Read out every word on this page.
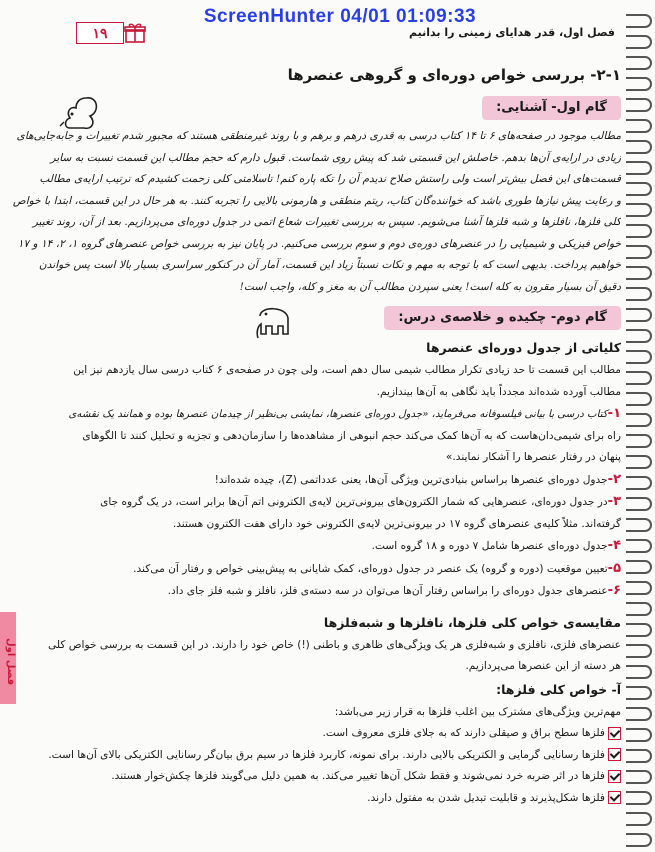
ScreenHunter 04/01 01:09:33
۱۹	فصل اول، قدر هدایای زمینی را بدانیم
فصل اول
۲-۱- بررسی خواص دوره‌ای و گروهی عنصرها
گام اول- آشنایی:
مطالب موجود در صفحه‌های ۶ تا ۱۴ کتاب درسی به قدری درهم و برهم و با روند غیرمنطقی هستند که مجبور شدم تغییرات و جابه‌جایی‌های
زیادی در ارایه‌ی آن‌ها بدهم. خاصلش این قسمتی شد که پیش روی شماست. قبول دارم که حجم مطالب این قسمت نسبت به سایر
قسمت‌های این فصل بیش‌تر است ولی راستش صلاح ندیدم آن را تکه پاره کنم! تاسلامتی کلی زحمت کشیدم که ترتیب ارایه‌ی مطالب
و رعایت پیش نیازها طوری باشد که خواننده‌گان کتاب، ریتم منطقی و هارمونی بالایی را تجربه کنند. به هر حال در این قسمت، ابتدا با خواص
کلی فلزها، نافلزها و شبه فلزها آشنا می‌شویم. سپس به بررسی تغییرات شعاع اتمی در جدول دوره‌ای می‌پردازیم. بعد از آن، روند تغییر
خواص فیزیکی و شیمیایی را در عنصرهای دوره‌ی دوم و سوم بررسی می‌کنیم. در پایان نیز به بررسی خواص عنصرهای گروه ۱، ۲، ۱۴ و ۱۷
خواهیم پرداخت. بدیهی است که با توجه به مهم و نکات نسبتاً زیاد این قسمت، آمار آن در کنکور سراسری بسیار بالا است پس خواندن
دقیق آن بسیار مقرون به کله است! یعنی سپردن مطالب آن به مغز و کله، واجب است!
گام دوم- چکیده و خلاصه‌ی درس:
کلیاتی از جدول دوره‌ای عنصرها
مطالب این قسمت تا حد زیادی تکرار مطالب شیمی سال دهم است، ولی چون در صفحه‌ی ۶ کتاب درسی سال یازدهم نیز این
مطالب آورده شده‌اند مجدداً باید نگاهی به آن‌ها بیندازیم.
۱-کتاب درسی با بیانی فیلسوفانه می‌فرماید، «جدول دوره‌ای عنصرها، نمایشی بی‌نظیر از چیدمان عنصرها بوده و همانند یک نقشه‌ی
راه برای شیمی‌دان‌هاست که به آن‌ها کمک می‌کند حجم انبوهی از مشاهده‌ها را سازمان‌دهی و تجزیه و تحلیل کنند تا الگوهای
پنهان در رفتار عنصرها را آشکار نمایند.»
۲-جدول دوره‌ای عنصرها براساس بنیادی‌ترین ویژگی آن‌ها، یعنی عدداتمی (Z)، چیده شده‌اند!
۳-در جدول دوره‌ای، عنصرهایی که شمار الکترون‌های بیرونی‌ترین لایه‌ی الکترونی اتم آن‌ها برابر است، در یک گروه جای
گرفته‌اند. مثلاً کلیه‌ی عنصرهای گروه ۱۷ در بیرونی‌ترین لایه‌ی الکترونی خود دارای هفت الکترون هستند.
۴-جدول دوره‌ای عنصرها شامل ۷ دوره و ۱۸ گروه است.
۵-تعیین موقعیت (دوره و گروه) یک عنصر در جدول دوره‌ای، کمک شایانی به پیش‌بینی خواص و رفتار آن می‌کند.
۶-عنصرهای جدول دوره‌ای را براساس رفتار آن‌ها می‌توان در سه دسته‌ی فلز، نافلز و شبه فلز جای داد.
مقایسه‌ی خواص کلی فلزها، نافلزها و شبه‌فلزها
عنصرهای فلزی، نافلزی و شبه‌فلزی هر یک ویژگی‌های ظاهری و باطنی (!) خاص خود را دارند. در این قسمت به بررسی خواص کلی
هر دسته از این عنصرها می‌پردازیم.
آ- خواص کلی فلزها:
مهم‌ترین ویژگی‌های مشترک بین اغلب فلزها به قرار زیر می‌باشد:
فلزها سطح براق و صیقلی دارند که به جلای فلزی معروف است.
فلزها رسانایی گرمایی و الکتریکی بالایی دارند. برای نمونه، کاربرد فلزها در سیم برق بیان‌گر رسانایی الکتریکی بالای آن‌ها است.
فلزها در اثر ضربه خرد نمی‌شوند و فقط شکل آن‌ها تغییر می‌کند. به همین دلیل می‌گویند فلزها چکش‌خوار هستند.
فلزها شکل‌پذیرند و قابلیت تبدیل شدن به مفتول دارند.
